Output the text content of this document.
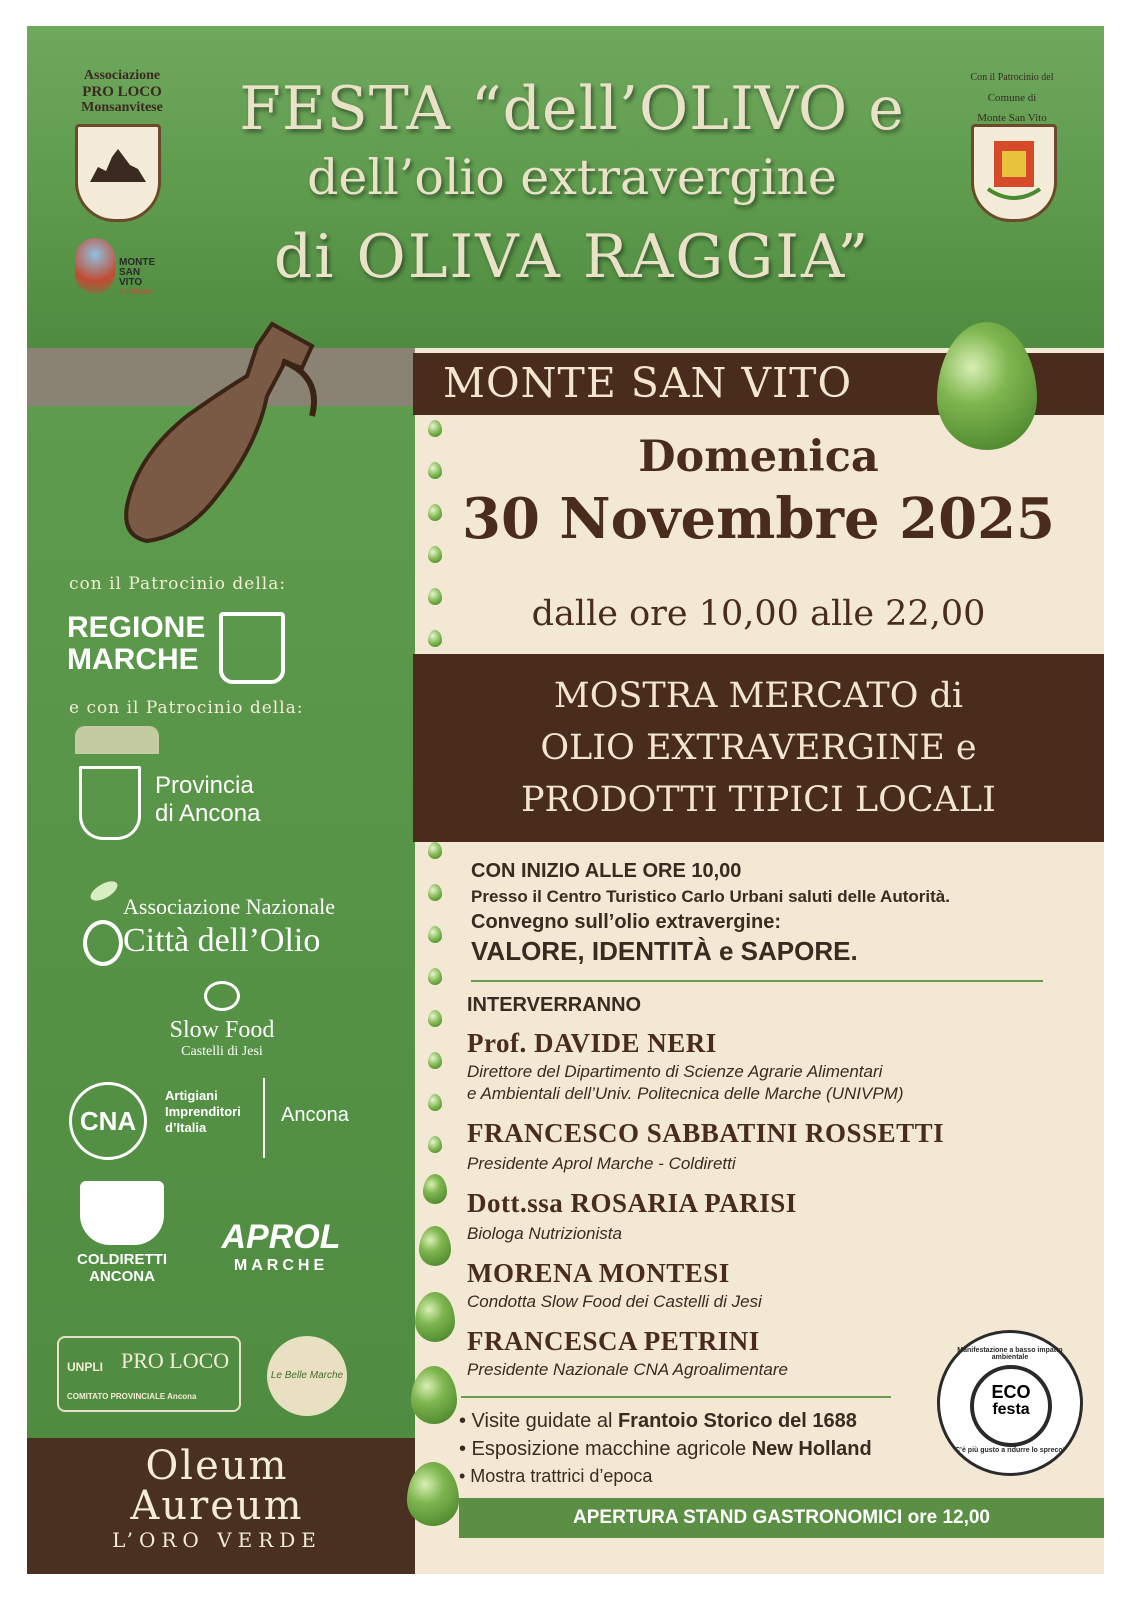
Associazione
PRO LOCO
Monsanvitese
MONTE
SAN
VITO
TURISMO
FESTA “dell’OLIVO e
dell’olio extravergine
di OLIVA RAGGIA”
Con il Patrocinio del
Comune di
Monte San Vito
con il Patrocinio della:
REGIONE
MARCHE
e con il Patrocinio della:
Provincia
di Ancona
Associazione Nazionale
Città dell’Olio
Slow Food
Castelli di Jesi
CNA
Artigiani
Imprenditori
d’Italia
Ancona
COLDIRETTI
ANCONA
APROL
MARCHE
UNPLI PRO LOCO
COMITATO PROVINCIALE Ancona
Le Belle Marche
Oleum
Aureum
L’ORO VERDE
MONTE SAN VITO
Domenica
30 Novembre 2025
dalle ore 10,00 alle 22,00
MOSTRA MERCATO di
OLIO EXTRAVERGINE e
PRODOTTI TIPICI LOCALI
CON INIZIO ALLE ORE 10,00
Presso il Centro Turistico Carlo Urbani saluti delle Autorità.
Convegno sull’olio extravergine:
VALORE, IDENTITÀ e SAPORE.
INTERVERRANNO
Prof. DAVIDE NERI
Direttore del Dipartimento di Scienze Agrarie Alimentari
e Ambientali dell’Univ. Politecnica delle Marche (UNIVPM)
FRANCESCO SABBATINI ROSSETTI
Presidente Aprol Marche - Coldiretti
Dott.ssa ROSARIA PARISI
Biologa Nutrizionista
MORENA MONTESI
Condotta Slow Food dei Castelli di Jesi
FRANCESCA PETRINI
Presidente Nazionale CNA Agroalimentare
• Visite guidate al Frantoio Storico del 1688
• Esposizione macchine agricole New Holland
• Mostra trattrici d’epoca
APERTURA STAND GASTRONOMICI ore 12,00
Manifestazione a basso impatto ambientale
ECO
festa
C’è più gusto a ridurre lo spreco!
